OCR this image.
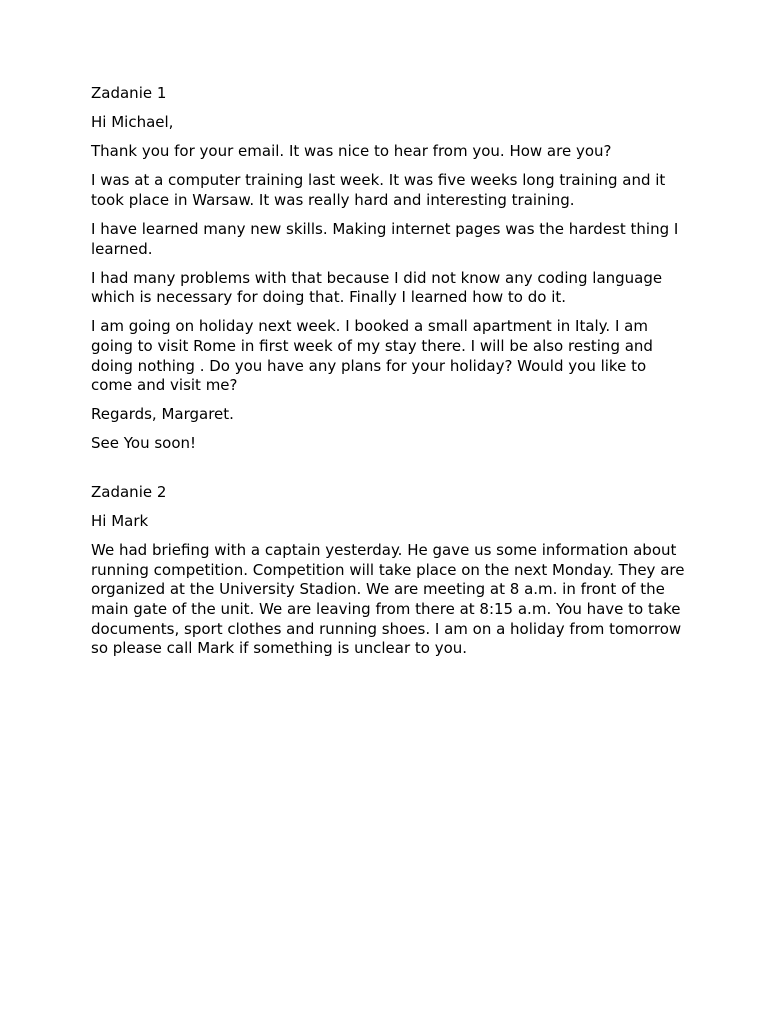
Zadanie 1

Hi Michael,

Thank you for your email. It was nice to hear from you. How are you?

I was at a computer training last week. It was five weeks long training and it took place in Warsaw. It was really hard and interesting training.

I have learned many new skills. Making internet pages was the hardest thing I learned.

I had many problems with that because I did not know any coding language which is necessary for doing that. Finally I learned how to do it.

I am going on holiday next week. I booked a small apartment in Italy. I am going to visit Rome in first week of my stay there. I will be also resting and doing nothing . Do you have any plans for your holiday? Would you like to come and visit me?

Regards, Margaret.

See You soon!

Zadanie 2

Hi Mark

We had briefing with a captain yesterday. He gave us some information about  running competition. Competition will take place on the next Monday. They are organized at the University Stadion. We are meeting at 8 a.m. in front of the main gate of the unit. We are leaving from there at 8:15 a.m. You have to take  documents, sport clothes and running shoes. I am on a holiday from tomorrow so please call Mark if something is unclear to you.
